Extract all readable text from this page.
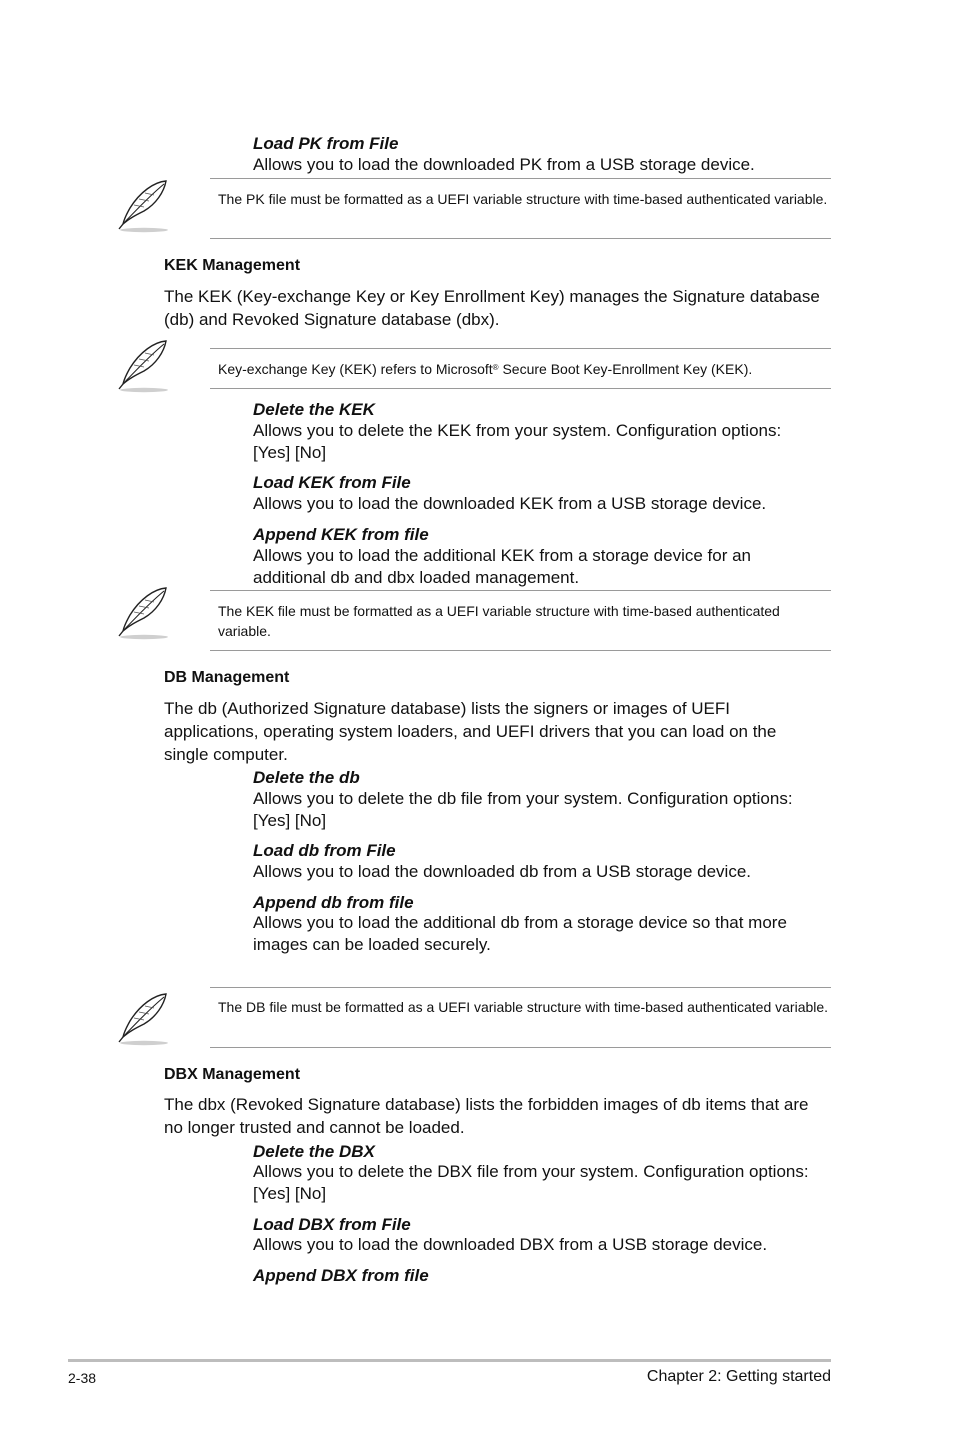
Load PK from File
Allows you to load the downloaded PK from a USB storage device.
The PK file must be formatted as a UEFI variable structure with time-based authenticated variable.
KEK Management
The KEK (Key-exchange Key or Key Enrollment Key) manages the Signature database (db) and Revoked Signature database (dbx).
Key-exchange Key (KEK) refers to Microsoft® Secure Boot Key-Enrollment Key (KEK).
Delete the KEK
Allows you to delete the KEK from your system. Configuration options: [Yes] [No]
Load KEK from File
Allows you to load the downloaded KEK from a USB storage device.
Append KEK from file
Allows you to load the additional KEK from a storage device for an additional db and dbx loaded management.
The KEK file must be formatted as a UEFI variable structure with time-based authenticated variable.
DB Management
The db (Authorized Signature database) lists the signers or images of UEFI applications, operating system loaders, and UEFI drivers that you can load on the single computer.
Delete the db
Allows you to delete the db file from your system. Configuration options: [Yes] [No]
Load db from File
Allows you to load the downloaded db from a USB storage device.
Append db from file
Allows you to load the additional db from a storage device so that more images can be loaded securely.
The DB file must be formatted as a UEFI variable structure with time-based authenticated variable.
DBX Management
The dbx (Revoked Signature database) lists the forbidden images of db items that are no longer trusted and cannot be loaded.
Delete the DBX
Allows you to delete the DBX file from your system. Configuration options: [Yes] [No]
Load DBX from File
Allows you to load the downloaded DBX from a USB storage device.
Append DBX from file
2-38	Chapter 2: Getting started
